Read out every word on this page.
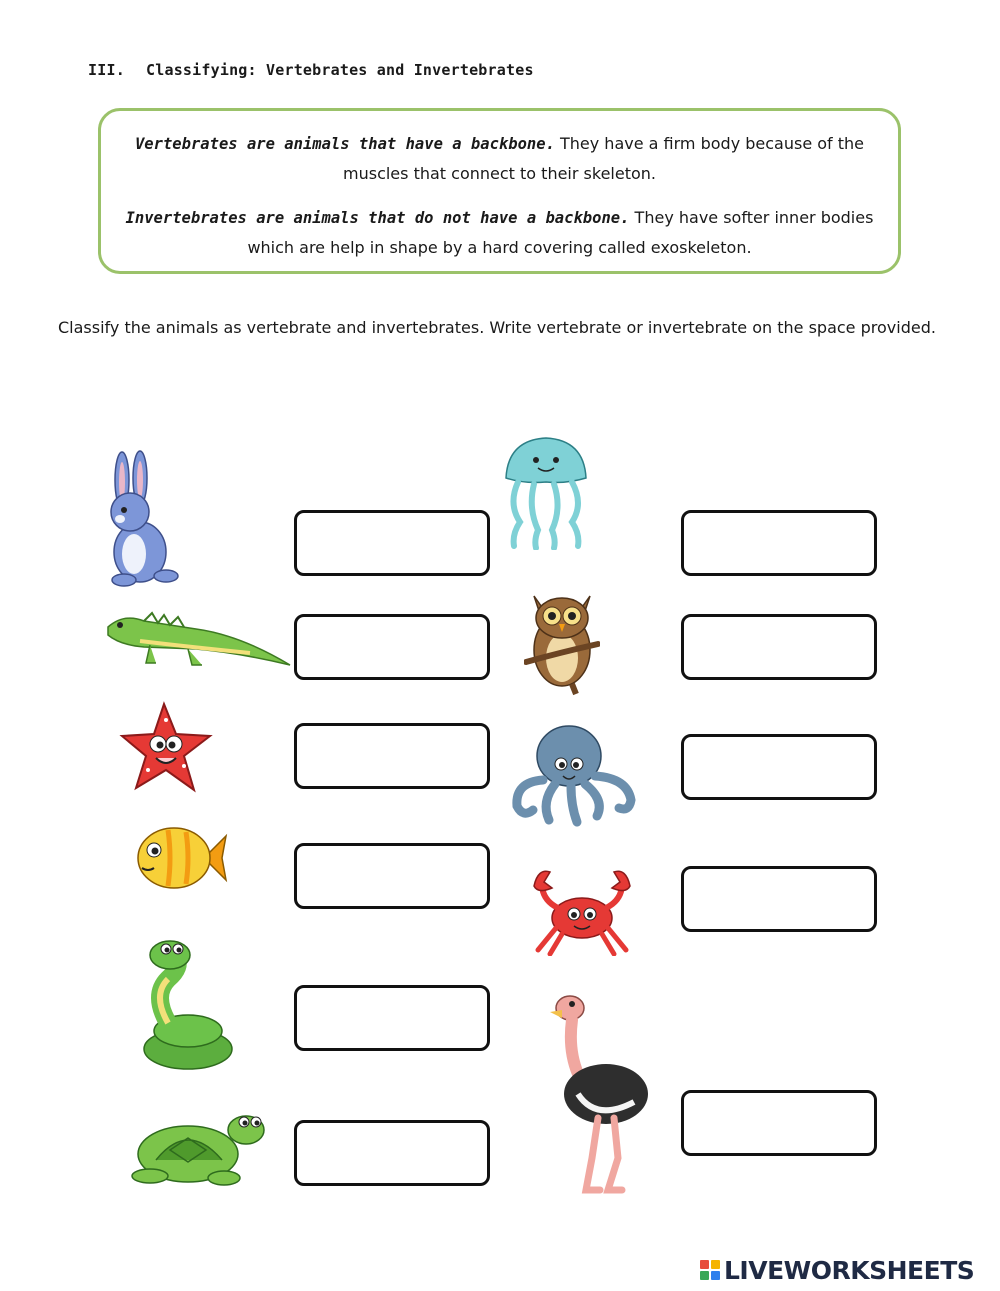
III. Classifying: Vertebrates and Invertebrates

Vertebrates are animals that have a backbone. They have a firm body because of the muscles that connect to their skeleton.

Invertebrates are animals that do not have a backbone. They have softer inner bodies which are help in shape by a hard covering called exoskeleton.

Classify the animals as vertebrate and invertebrates. Write vertebrate or invertebrate on the space provided.
LIVEWORKSHEETS
